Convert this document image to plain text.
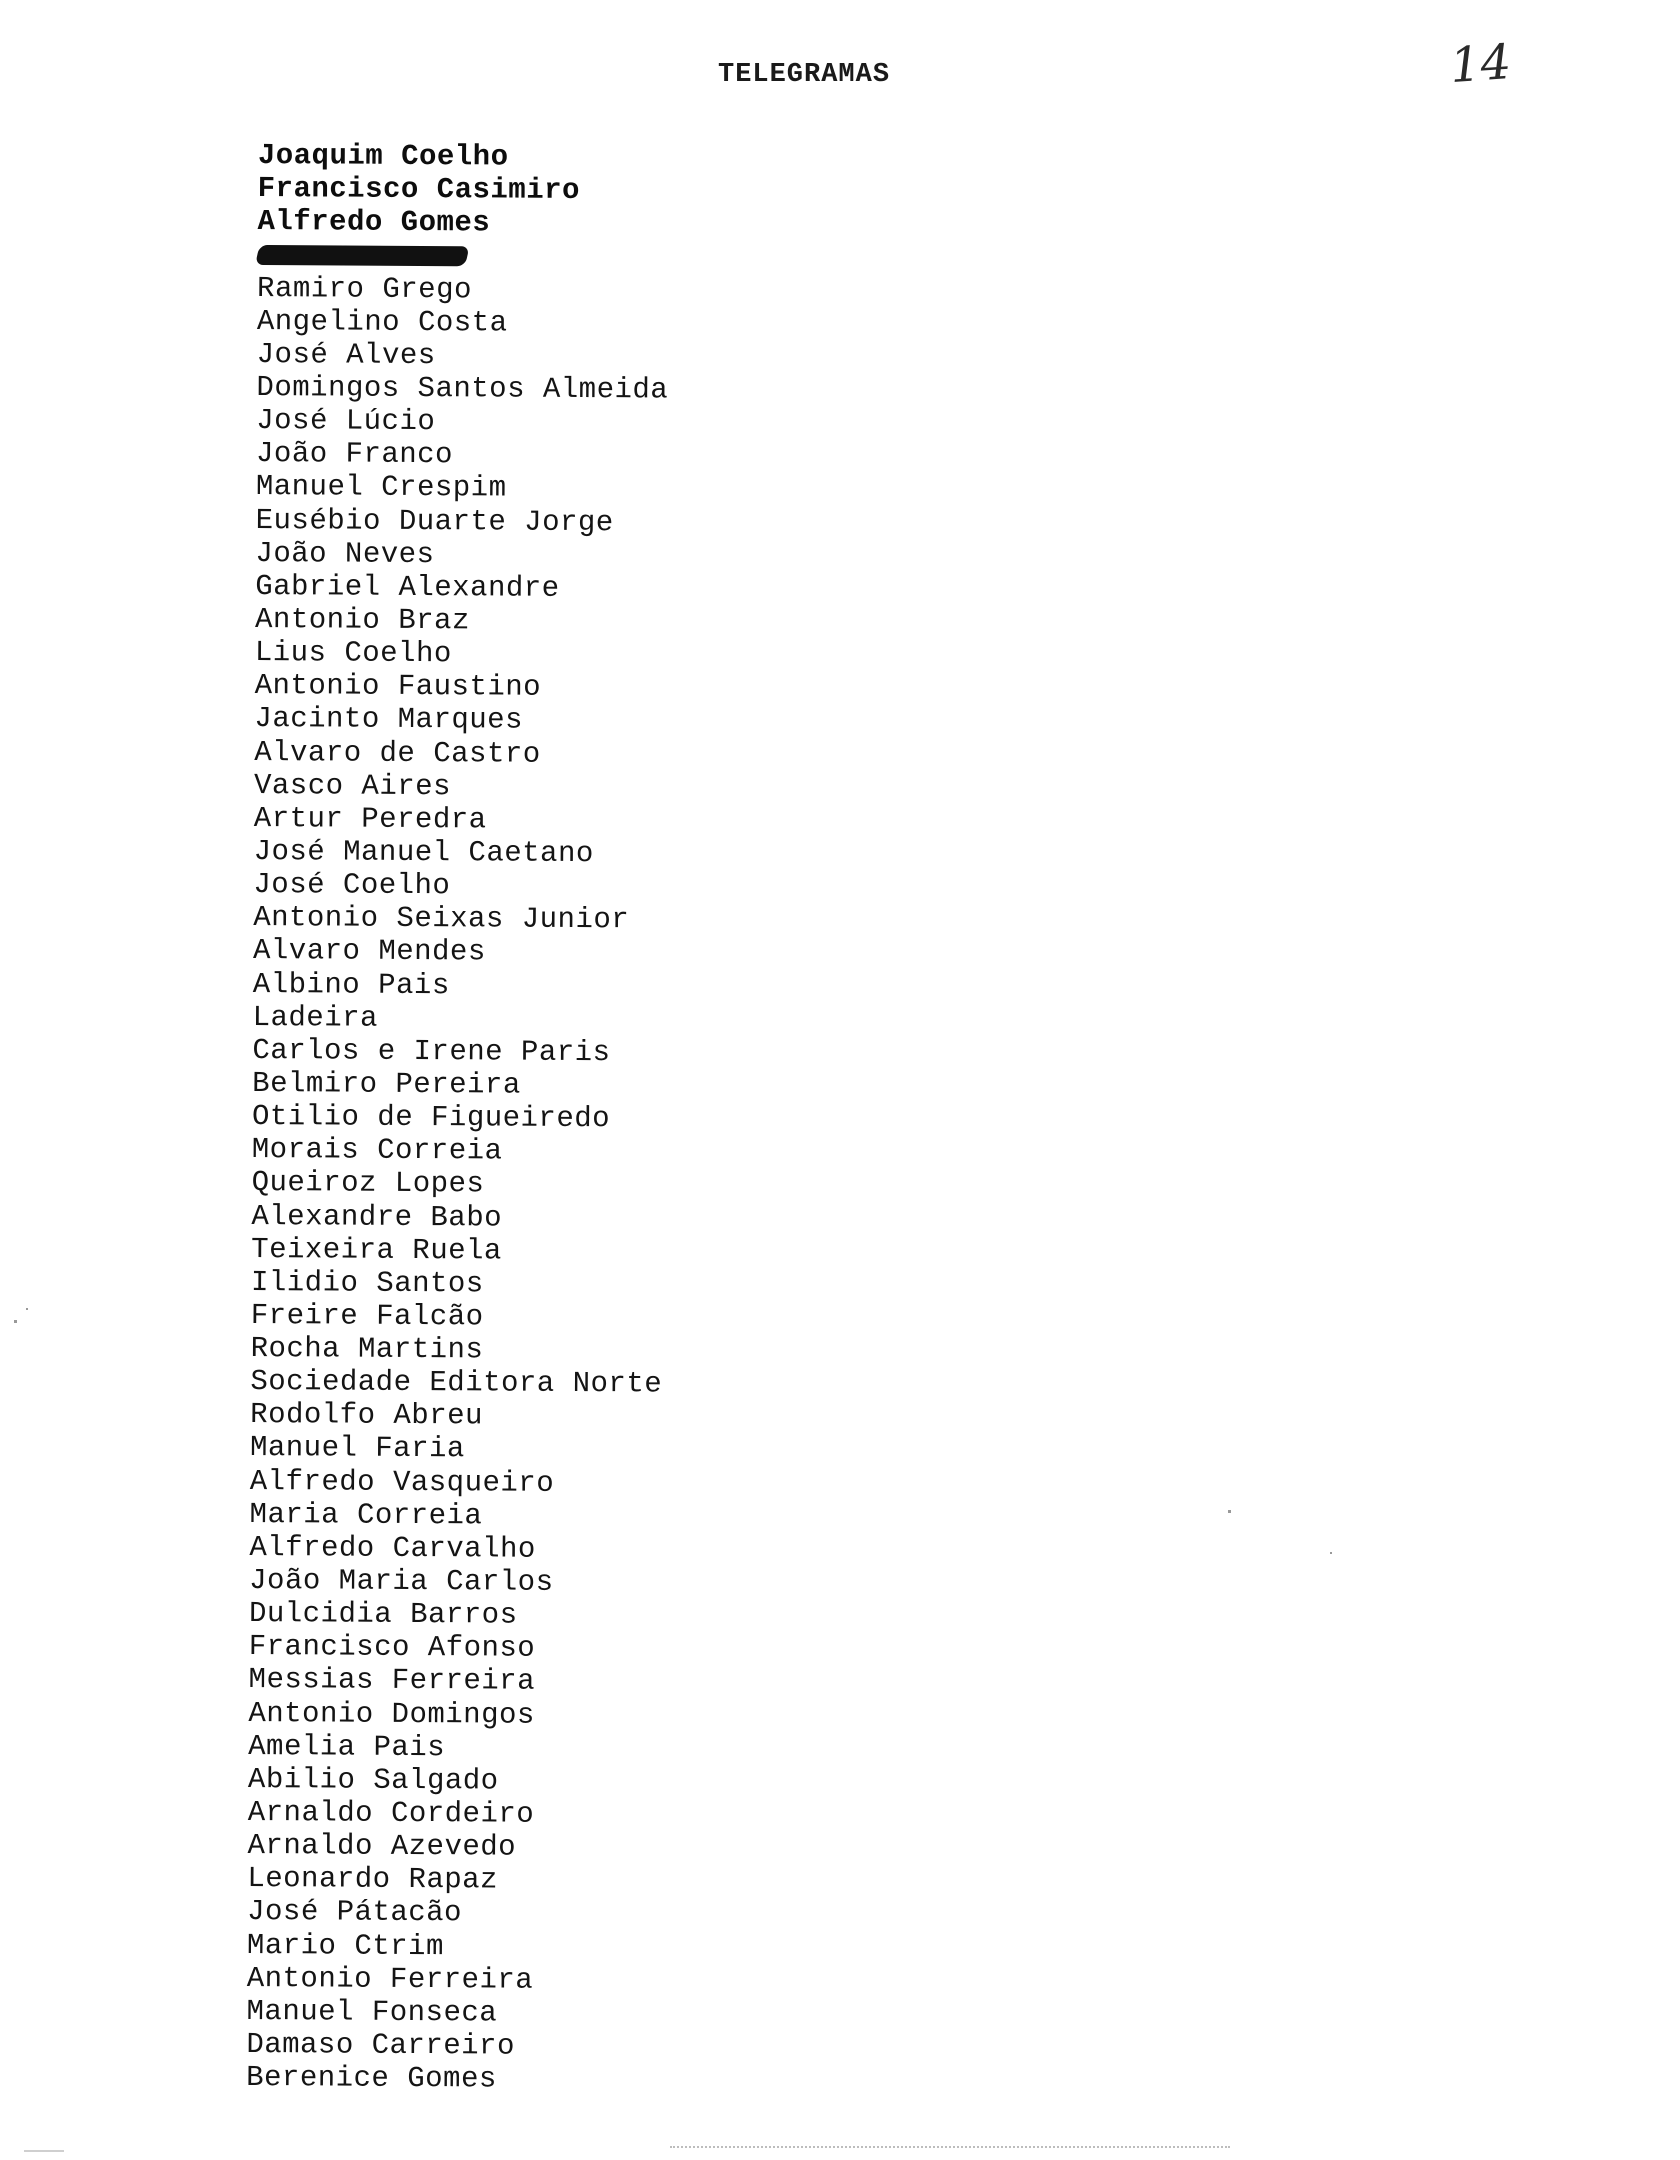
TELEGRAMAS	14
Joaquim Coelho
Francisco Casimiro
Alfredo Gomes
Ramiro Grego
Angelino Costa
José Alves
Domingos Santos Almeida
José Lúcio
João Franco
Manuel Crespim
Eusébio Duarte Jorge
João Neves
Gabriel Alexandre
Antonio Braz
Lius Coelho
Antonio Faustino
Jacinto Marques
Alvaro de Castro
Vasco Aires
Artur Peredra
José Manuel Caetano
José Coelho
Antonio Seixas Junior
Alvaro Mendes
Albino Pais
Ladeira
Carlos e Irene Paris
Belmiro Pereira
Otilio de Figueiredo
Morais Correia
Queiroz Lopes
Alexandre Babo
Teixeira Ruela
Ilidio Santos
Freire Falcão
Rocha Martins
Sociedade Editora Norte
Rodolfo Abreu
Manuel Faria
Alfredo Vasqueiro
Maria Correia
Alfredo Carvalho
João Maria Carlos
Dulcidia Barros
Francisco Afonso
Messias Ferreira
Antonio Domingos
Amelia Pais
Abilio Salgado
Arnaldo Cordeiro
Arnaldo Azevedo
Leonardo Rapaz
José Pátacão
Mario Ctrim
Antonio Ferreira
Manuel Fonseca
Damaso Carreiro
Berenice Gomes
